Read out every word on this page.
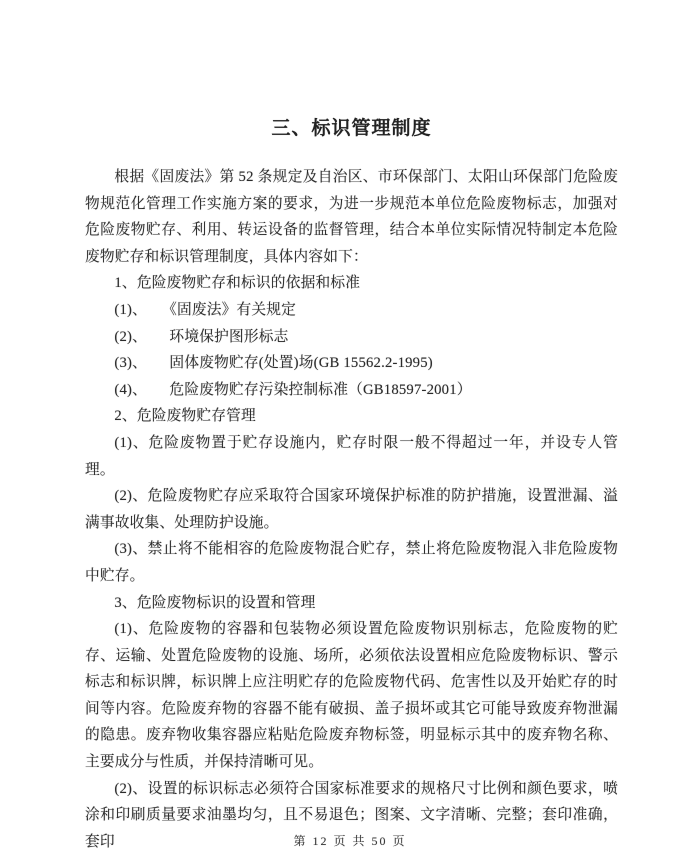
三、标识管理制度

根据《固废法》第 52 条规定及自治区、市环保部门、太阳山环保部门危险废物规范化管理工作实施方案的要求，为进一步规范本单位危险废物标志，加强对危险废物贮存、利用、转运设备的监督管理，结合本单位实际情况特制定本危险废物贮存和标识管理制度，具体内容如下：

1、危险废物贮存和标识的依据和标准

(1)、　　《固废法》有关规定

(2)、　　环境保护图形标志

(3)、　　固体废物贮存(处置)场(GB 15562.2-1995)

(4)、　　危险废物贮存污染控制标准（GB18597-2001）

2、危险废物贮存管理

(1)、危险废物置于贮存设施内，贮存时限一般不得超过一年，并设专人管理。

(2)、危险废物贮存应采取符合国家环境保护标准的防护措施，设置泄漏、溢满事故收集、处理防护设施。

(3)、禁止将不能相容的危险废物混合贮存，禁止将危险废物混入非危险废物中贮存。

3、危险废物标识的设置和管理

(1)、危险废物的容器和包装物必须设置危险废物识别标志，危险废物的贮存、运输、处置危险废物的设施、场所，必须依法设置相应危险废物标识、警示标志和标识牌，标识牌上应注明贮存的危险废物代码、危害性以及开始贮存的时间等内容。危险废弃物的容器不能有破损、盖子损坏或其它可能导致废弃物泄漏的隐患。废弃物收集容器应粘贴危险废弃物标签，明显标示其中的废弃物名称、主要成分与性质，并保持清晰可见。

(2)、设置的标识标志必须符合国家标准要求的规格尺寸比例和颜色要求，喷涂和印刷质量要求油墨均匀，且不易退色；图案、文字清晰、完整；套印准确，套印	第 12 页 共 50 页
